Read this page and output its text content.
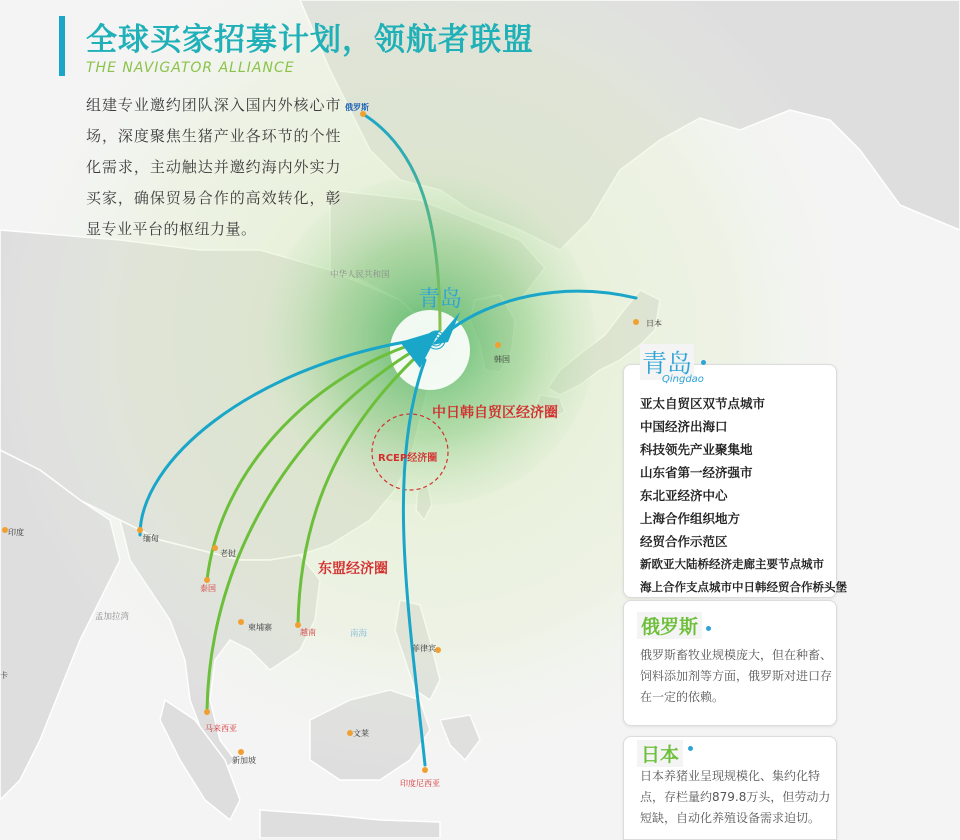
全球买家招募计划，领航者联盟
THE NAVIGATOR ALLIANCE
组建专业邀约团队深入国内外核心市场，深度聚焦生猪产业各环节的个性化需求，主动触达并邀约海内外实力买家，确保贸易合作的高效转化，彰显专业平台的枢纽力量。
俄罗斯
中华人民共和国
青岛
日本
韩国
中日韩自贸区经济圈
RCEP经济圈
东盟经济圈
印度
缅甸
老挝
泰国
孟加拉湾
柬埔寨
越南	南海
菲律宾
卡
马来西亚
文莱
新加坡
印度尼西亚
青岛
Qingdao
亚太自贸区双节点城市
中国经济出海口
科技领先产业聚集地
山东省第一经济强市
东北亚经济中心
上海合作组织地方
经贸合作示范区
新欧亚大陆桥经济走廊主要节点城市
海上合作支点城市中日韩经贸合作桥头堡
俄罗斯
俄罗斯畜牧业规模庞大，但在种畜、饲料添加剂等方面，俄罗斯对进口存在一定的依赖。
日本
日本养猪业呈现规模化、集约化特点，存栏量约879.8万头，但劳动力短缺，自动化养殖设备需求迫切。
